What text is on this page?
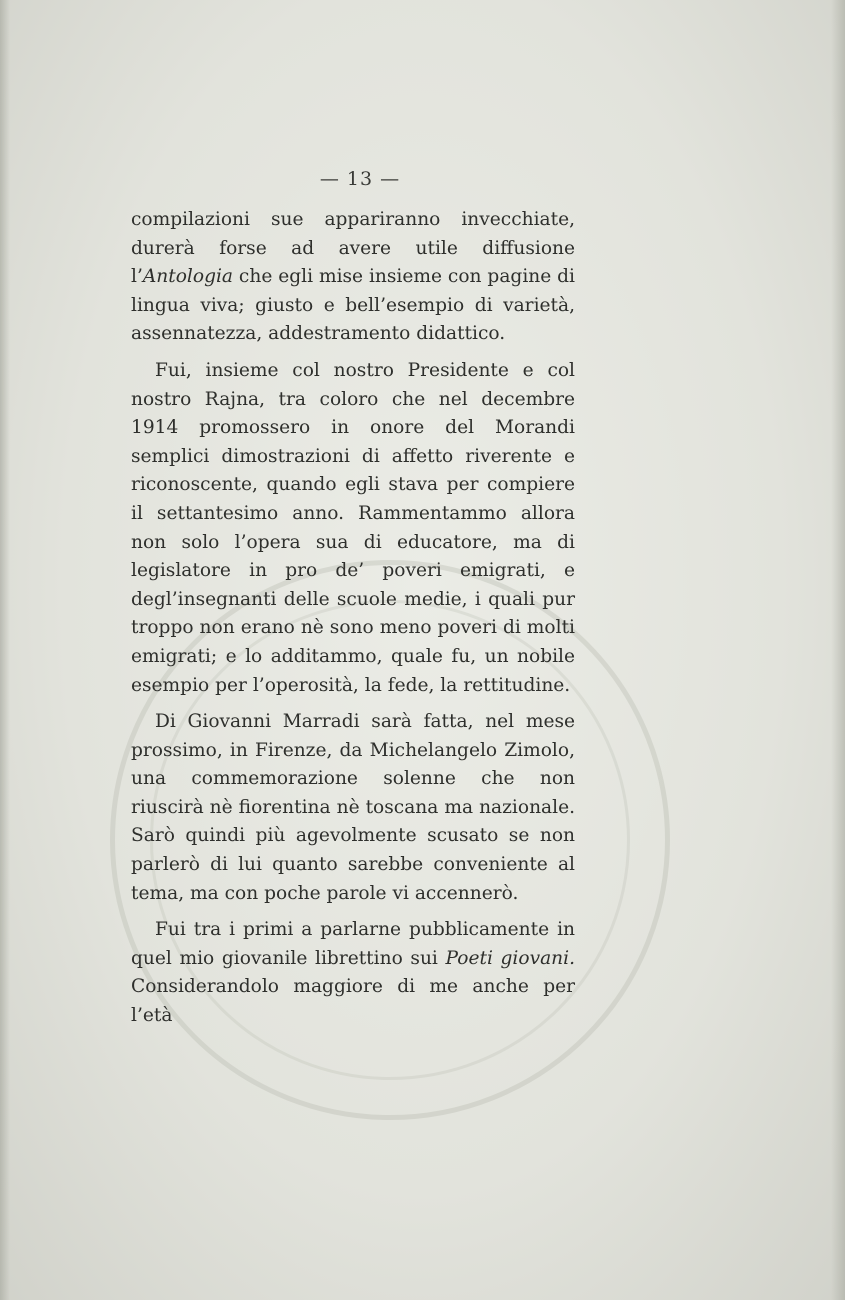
— 13 —

compilazioni sue appariranno invecchiate, durerà forse ad avere utile diffusione l’Antologia che egli mise insieme con pagine di lingua viva; giusto e bell’esempio di varietà, assennatezza, addestramento didattico.

Fui, insieme col nostro Presidente e col nostro Rajna, tra coloro che nel decembre 1914 promossero in onore del Morandi semplici dimostrazioni di affetto riverente e riconoscente, quando egli stava per compiere il settantesimo anno. Rammentammo allora non solo l’opera sua di educatore, ma di legislatore in pro de’ poveri emigrati, e degl’insegnanti delle scuole medie, i quali pur troppo non erano nè sono meno poveri di molti emigrati; e lo additammo, quale fu, un nobile esempio per l’operosità, la fede, la rettitudine.

Di Giovanni Marradi sarà fatta, nel mese prossimo, in Firenze, da Michelangelo Zimolo, una commemorazione solenne che non riuscirà nè fiorentina nè toscana ma nazionale. Sarò quindi più agevolmente scusato se non parlerò di lui quanto sarebbe conveniente al tema, ma con poche parole vi accennerò.

Fui tra i primi a parlarne pubblicamente in quel mio giovanile librettino sui Poeti giovani. Considerandolo maggiore di me anche per l’età
